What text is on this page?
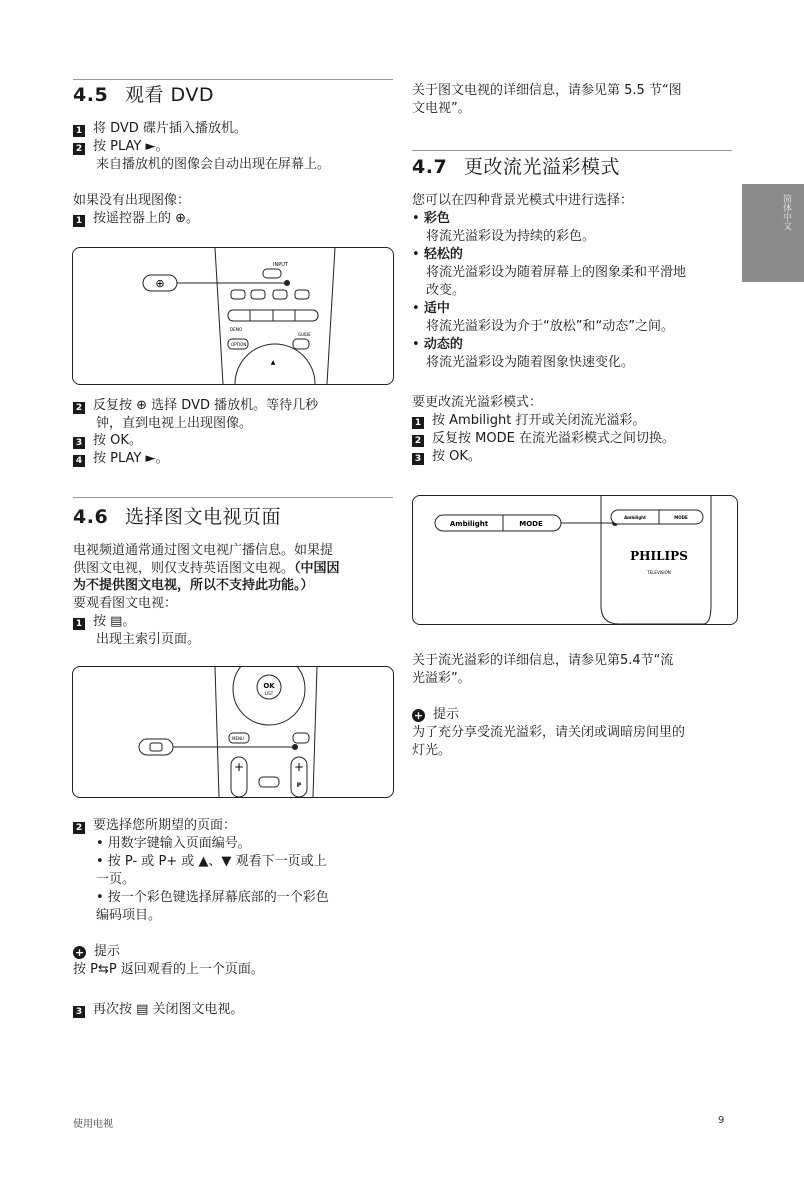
简体中文
4.5 观看 DVD
1 将 DVD 碟片插入播放机。
2 按 PLAY ►。
来自播放机的图像会自动出现在屏幕上。
如果没有出现图像：
1 按遥控器上的 ⊕。
⊕
INPUT
DEMO
GUIDE
OPTION
▲
2 反复按 ⊕ 选择 DVD 播放机。等待几秒
钟，直到电视上出现图像。
3 按 OK。
4 按 PLAY ►。
4.6 选择图文电视页面
电视频道通常通过图文电视广播信息。如果提
供图文电视，则仅支持英语图文电视。（中国因
为不提供图文电视，所以不支持此功能。）
要观看图文电视：
1 按 ▤。
出现主索引页面。
OK
LIST
MENU
+	+
P
2 要选择您所期望的页面：
• 用数字键输入页面编号。
• 按 P- 或 P+ 或 ▲、▼ 观看下一页或上
一页。
• 按一个彩色键选择屏幕底部的一个彩色
编码项目。
+ 提示
按 P⇆P 返回观看的上一个页面。
3 再次按 ▤ 关闭图文电视。
关于图文电视的详细信息，请参见第 5.5 节“图
文电视”。
4.7 更改流光溢彩模式
您可以在四种背景光模式中进行选择：
• 彩色
将流光溢彩设为持续的彩色。
• 轻松的
将流光溢彩设为随着屏幕上的图象柔和平滑地
改变。
• 适中
将流光溢彩设为介于“放松”和“动态”之间。
• 动态的
将流光溢彩设为随着图象快速变化。
要更改流光溢彩模式：
1 按 Ambilight 打开或关闭流光溢彩。
2 反复按 MODE 在流光溢彩模式之间切换。
3 按 OK。
Ambilight	MODE
Ambilight	MODE
PHILIPS
TELEVISION
关于流光溢彩的详细信息，请参见第5.4节“流
光溢彩”。
+ 提示
为了充分享受流光溢彩，请关闭或调暗房间里的
灯光。
使用电视	9
